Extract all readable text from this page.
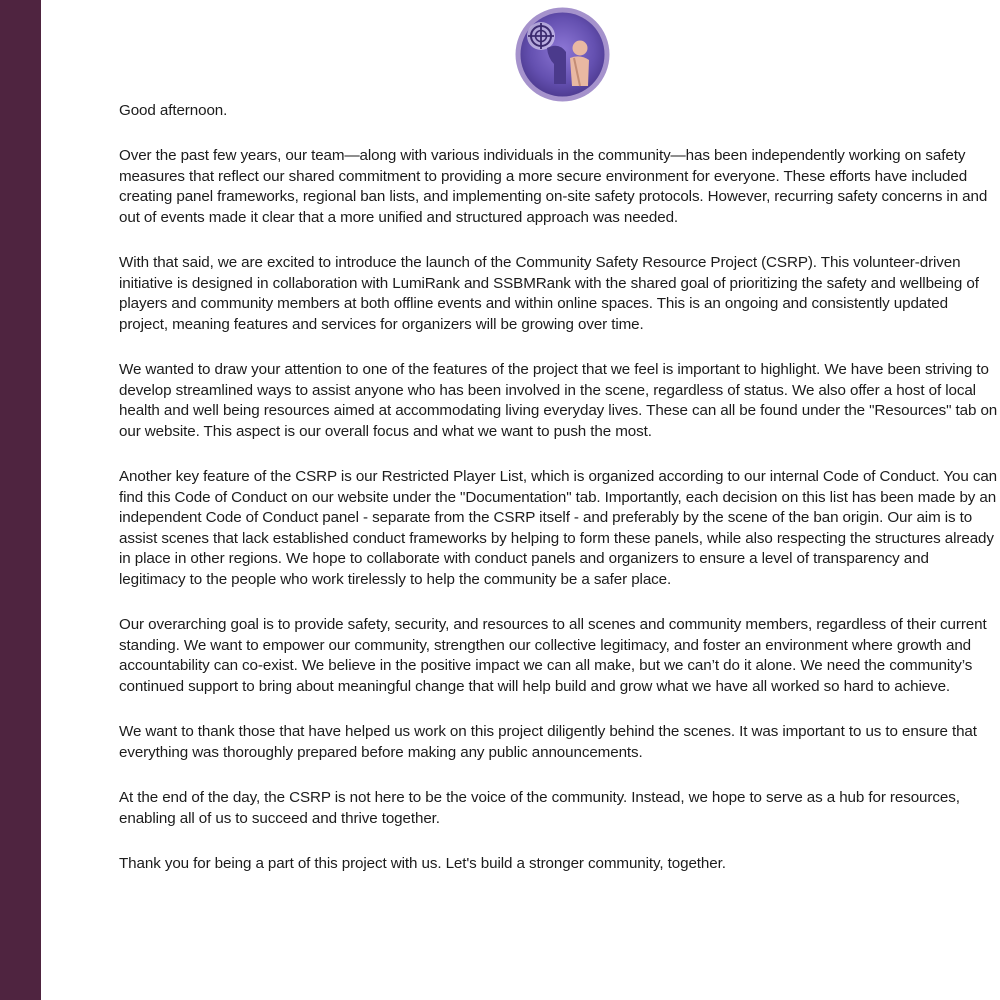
Good afternoon.

Over the past few years, our team—along with various individuals in the community—has been independently working on safety measures that reflect our shared commitment to providing a more secure environment for everyone. These efforts have included creating panel frameworks, regional ban lists, and implementing on-site safety protocols. However, recurring safety concerns in and out of events made it clear that a more unified and structured approach was needed.

With that said, we are excited to introduce the launch of the Community Safety Resource Project (CSRP). This volunteer-driven initiative is designed in collaboration with LumiRank and SSBMRank with the shared goal of prioritizing the safety and wellbeing of players and community members at both offline events and within online spaces. This is an ongoing and consistently updated project, meaning features and services for organizers will be growing over time.

We wanted to draw your attention to one of the features of the project that we feel is important to highlight. We have been striving to develop streamlined ways to assist anyone who has been involved in the scene, regardless of status. We also offer a host of local health and well being resources aimed at accommodating living everyday lives. These can all be found under the "Resources" tab on our website. This aspect is our overall focus and what we want to push the most.

Another key feature of the CSRP is our Restricted Player List, which is organized according to our internal Code of Conduct. You can find this Code of Conduct on our website under the "Documentation" tab. Importantly, each decision on this list has been made by an independent Code of Conduct panel - separate from the CSRP itself - and preferably by the scene of the ban origin. Our aim is to assist scenes that lack established conduct frameworks by helping to form these panels, while also respecting the structures already in place in other regions. We hope to collaborate with conduct panels and organizers to ensure a level of transparency and legitimacy to the people who work tirelessly to help the community be a safer place.

Our overarching goal is to provide safety, security, and resources to all scenes and community members, regardless of their current standing. We want to empower our community, strengthen our collective legitimacy, and foster an environment where growth and accountability can co-exist. We believe in the positive impact we can all make, but we can’t do it alone. We need the community’s continued support to bring about meaningful change that will help build and grow what we have all worked so hard to achieve.

We want to thank those that have helped us work on this project diligently behind the scenes. It was important to us to ensure that everything was thoroughly prepared before making any public announcements.

At the end of the day, the CSRP is not here to be the voice of the community. Instead, we hope to serve as a hub for resources, enabling all of us to succeed and thrive together.

Thank you for being a part of this project with us. Let's build a stronger community, together.
